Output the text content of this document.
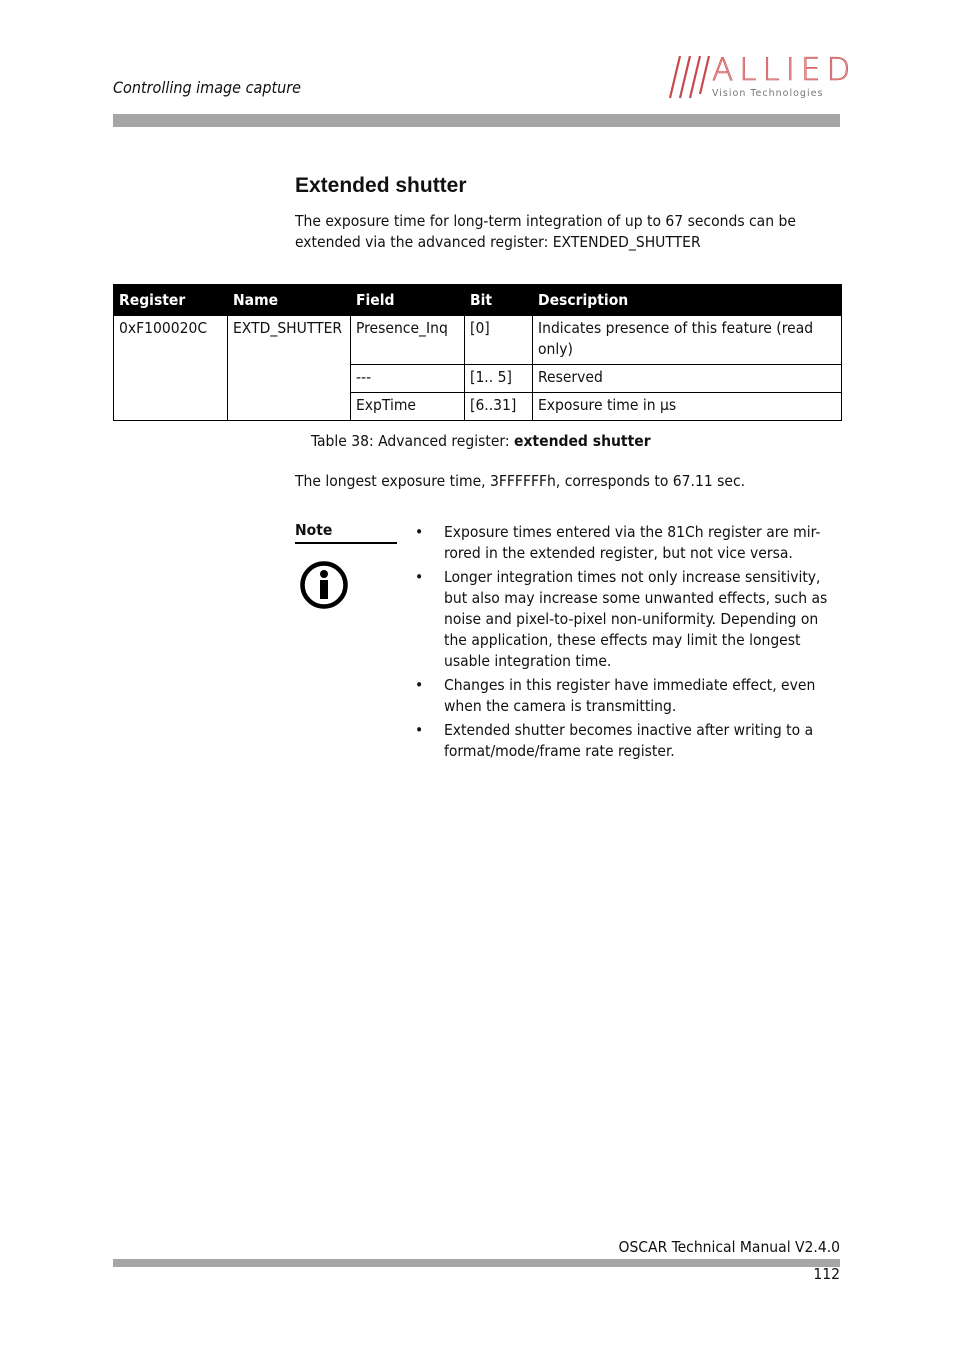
Controlling image capture	ALLIED
Vision Technologies
Extended shutter

The exposure time for long-term integration of up to 67 seconds can be extended via the advanced register: EXTENDED_SHUTTER

Register	Name	Field	Bit	Description
0xF100020C	EXTD_SHUTTER	Presence_Inq	[0]	Indicates presence of this feature (read only)
		---	[1.. 5]	Reserved
		ExpTime	[6..31]	Exposure time in µs

Table 38: Advanced register: extended shutter

The longest exposure time, 3FFFFFFh, corresponds to 67.11 sec.

Note	• Exposure times entered via the 81Ch register are mir-rored in the extended register, but not vice versa.
• Longer integration times not only increase sensitivity, but also may increase some unwanted effects, such as noise and pixel-to-pixel non-uniformity. Depending on the application, these effects may limit the longest usable integration time.
• Changes in this register have immediate effect, even when the camera is transmitting.
• Extended shutter becomes inactive after writing to a format/mode/frame rate register.
OSCAR Technical Manual V2.4.0
112
